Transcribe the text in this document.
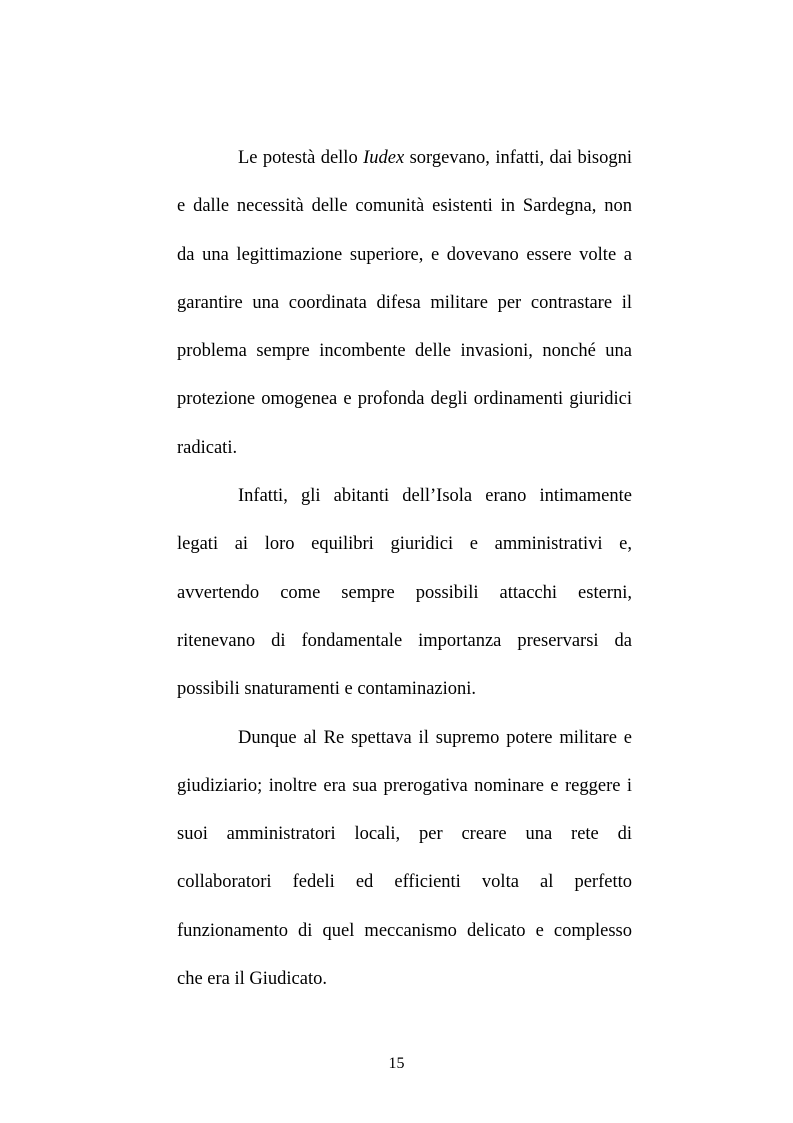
Le potestà dello Iudex sorgevano, infatti, dai bisogni
e dalle necessità delle comunità esistenti in Sardegna, non
da una legittimazione superiore, e dovevano essere volte a
garantire una coordinata difesa militare per contrastare il
problema sempre incombente delle invasioni, nonché una
protezione omogenea e profonda degli ordinamenti giuridici
radicati.
Infatti, gli abitanti dell’Isola erano intimamente
legati ai loro equilibri giuridici e amministrativi e,
avvertendo come sempre possibili attacchi esterni,
ritenevano di fondamentale importanza preservarsi da
possibili snaturamenti e contaminazioni.
Dunque al Re spettava il supremo potere militare e
giudiziario; inoltre era sua prerogativa nominare e reggere i
suoi amministratori locali, per creare una rete di
collaboratori fedeli ed efficienti volta al perfetto
funzionamento di quel meccanismo delicato e complesso
che era il Giudicato.
15
